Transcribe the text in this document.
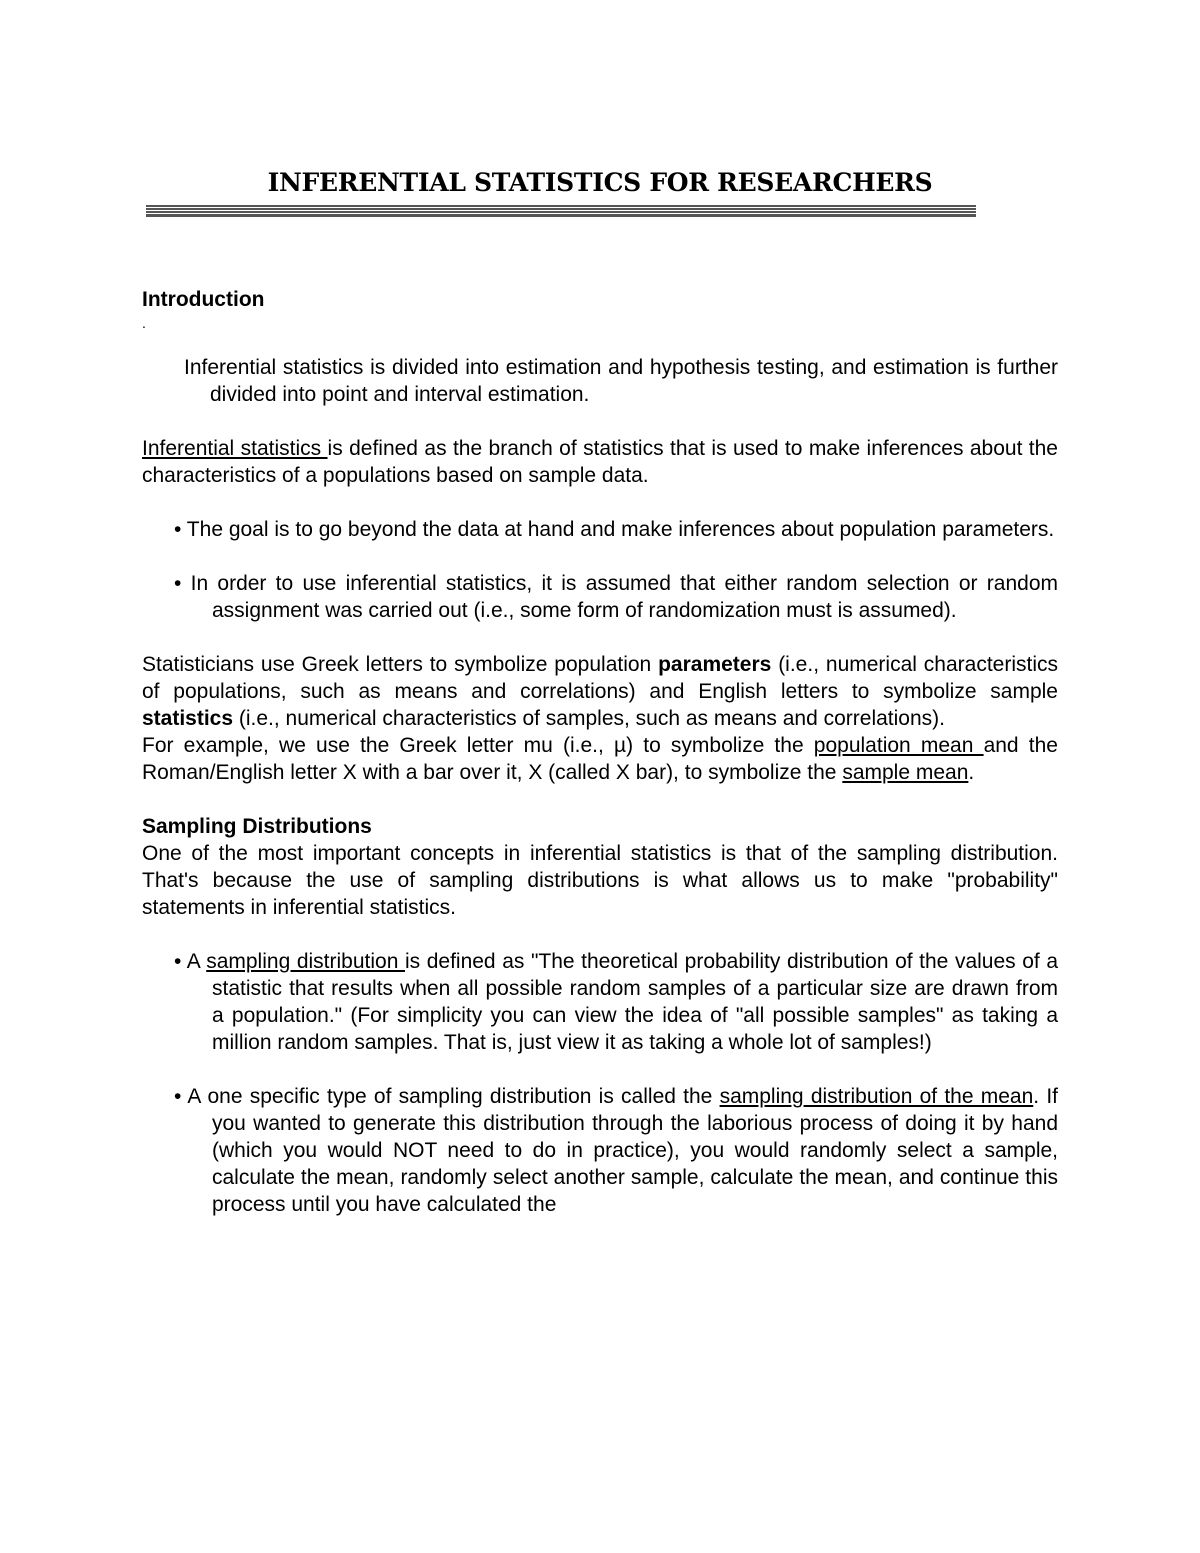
INFERENTIAL STATISTICS FOR RESEARCHERS

Introduction

.

Inferential statistics is divided into estimation and hypothesis testing, and estimation is further divided into point and interval estimation.

Inferential statistics is defined as the branch of statistics that is used to make inferences about the characteristics of a populations based on sample data.

• The goal is to go beyond the data at hand and make inferences about population parameters.

• In order to use inferential statistics, it is assumed that either random selection or random assignment was carried out (i.e., some form of randomization must is assumed).

Statisticians use Greek letters to symbolize population parameters (i.e., numerical characteristics of populations, such as means and correlations) and English letters to symbolize sample statistics (i.e., numerical characteristics of samples, such as means and correlations).

For example, we use the Greek letter mu (i.e., µ) to symbolize the population mean and the Roman/English letter X with a bar over it, X (called X bar), to symbolize the sample mean.

Sampling Distributions

One of the most important concepts in inferential statistics is that of the sampling distribution. That's because the use of sampling distributions is what allows us to make "probability" statements in inferential statistics.

• A sampling distribution is defined as "The theoretical probability distribution of the values of a statistic that results when all possible random samples of a particular size are drawn from a population." (For simplicity you can view the idea of "all possible samples" as taking a million random samples. That is, just view it as taking a whole lot of samples!)

• A one specific type of sampling distribution is called the sampling distribution of the mean. If you wanted to generate this distribution through the laborious process of doing it by hand (which you would NOT need to do in practice), you would randomly select a sample, calculate the mean, randomly select another sample, calculate the mean, and continue this process until you have calculated the
